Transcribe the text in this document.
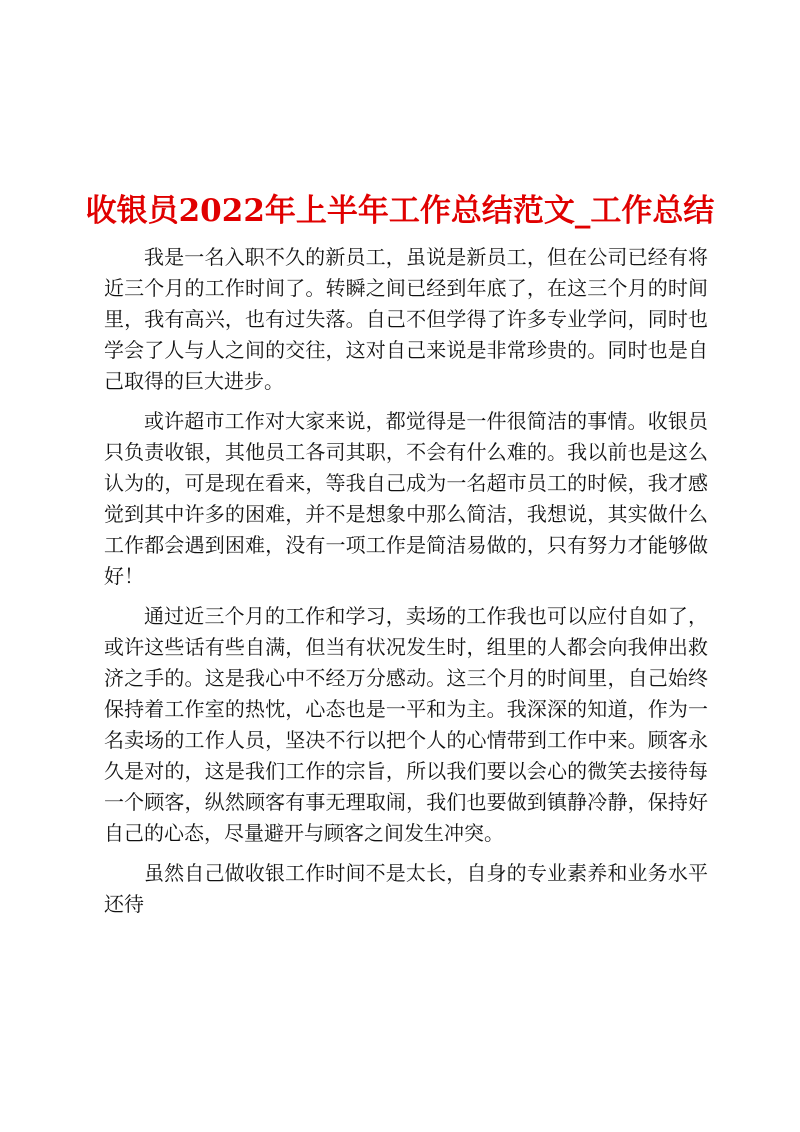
收银员2022年上半年工作总结范文_工作总结

我是一名入职不久的新员工，虽说是新员工，但在公司已经有将近三个月的工作时间了。转瞬之间已经到年底了，在这三个月的时间里，我有高兴，也有过失落。自己不但学得了许多专业学问，同时也学会了人与人之间的交往，这对自己来说是非常珍贵的。同时也是自己取得的巨大进步。

或许超市工作对大家来说，都觉得是一件很简洁的事情。收银员只负责收银，其他员工各司其职，不会有什么难的。我以前也是这么认为的，可是现在看来，等我自己成为一名超市员工的时候，我才感觉到其中许多的困难，并不是想象中那么简洁，我想说，其实做什么工作都会遇到困难，没有一项工作是简洁易做的，只有努力才能够做好！

通过近三个月的工作和学习，卖场的工作我也可以应付自如了，或许这些话有些自满，但当有状况发生时，组里的人都会向我伸出救济之手的。这是我心中不经万分感动。这三个月的时间里，自己始终保持着工作室的热忱，心态也是一平和为主。我深深的知道，作为一名卖场的工作人员，坚决不行以把个人的心情带到工作中来。顾客永久是对的，这是我们工作的宗旨，所以我们要以会心的微笑去接待每一个顾客，纵然顾客有事无理取闹，我们也要做到镇静冷静，保持好自己的心态，尽量避开与顾客之间发生冲突。

虽然自己做收银工作时间不是太长，自身的专业素养和业务水平还待
